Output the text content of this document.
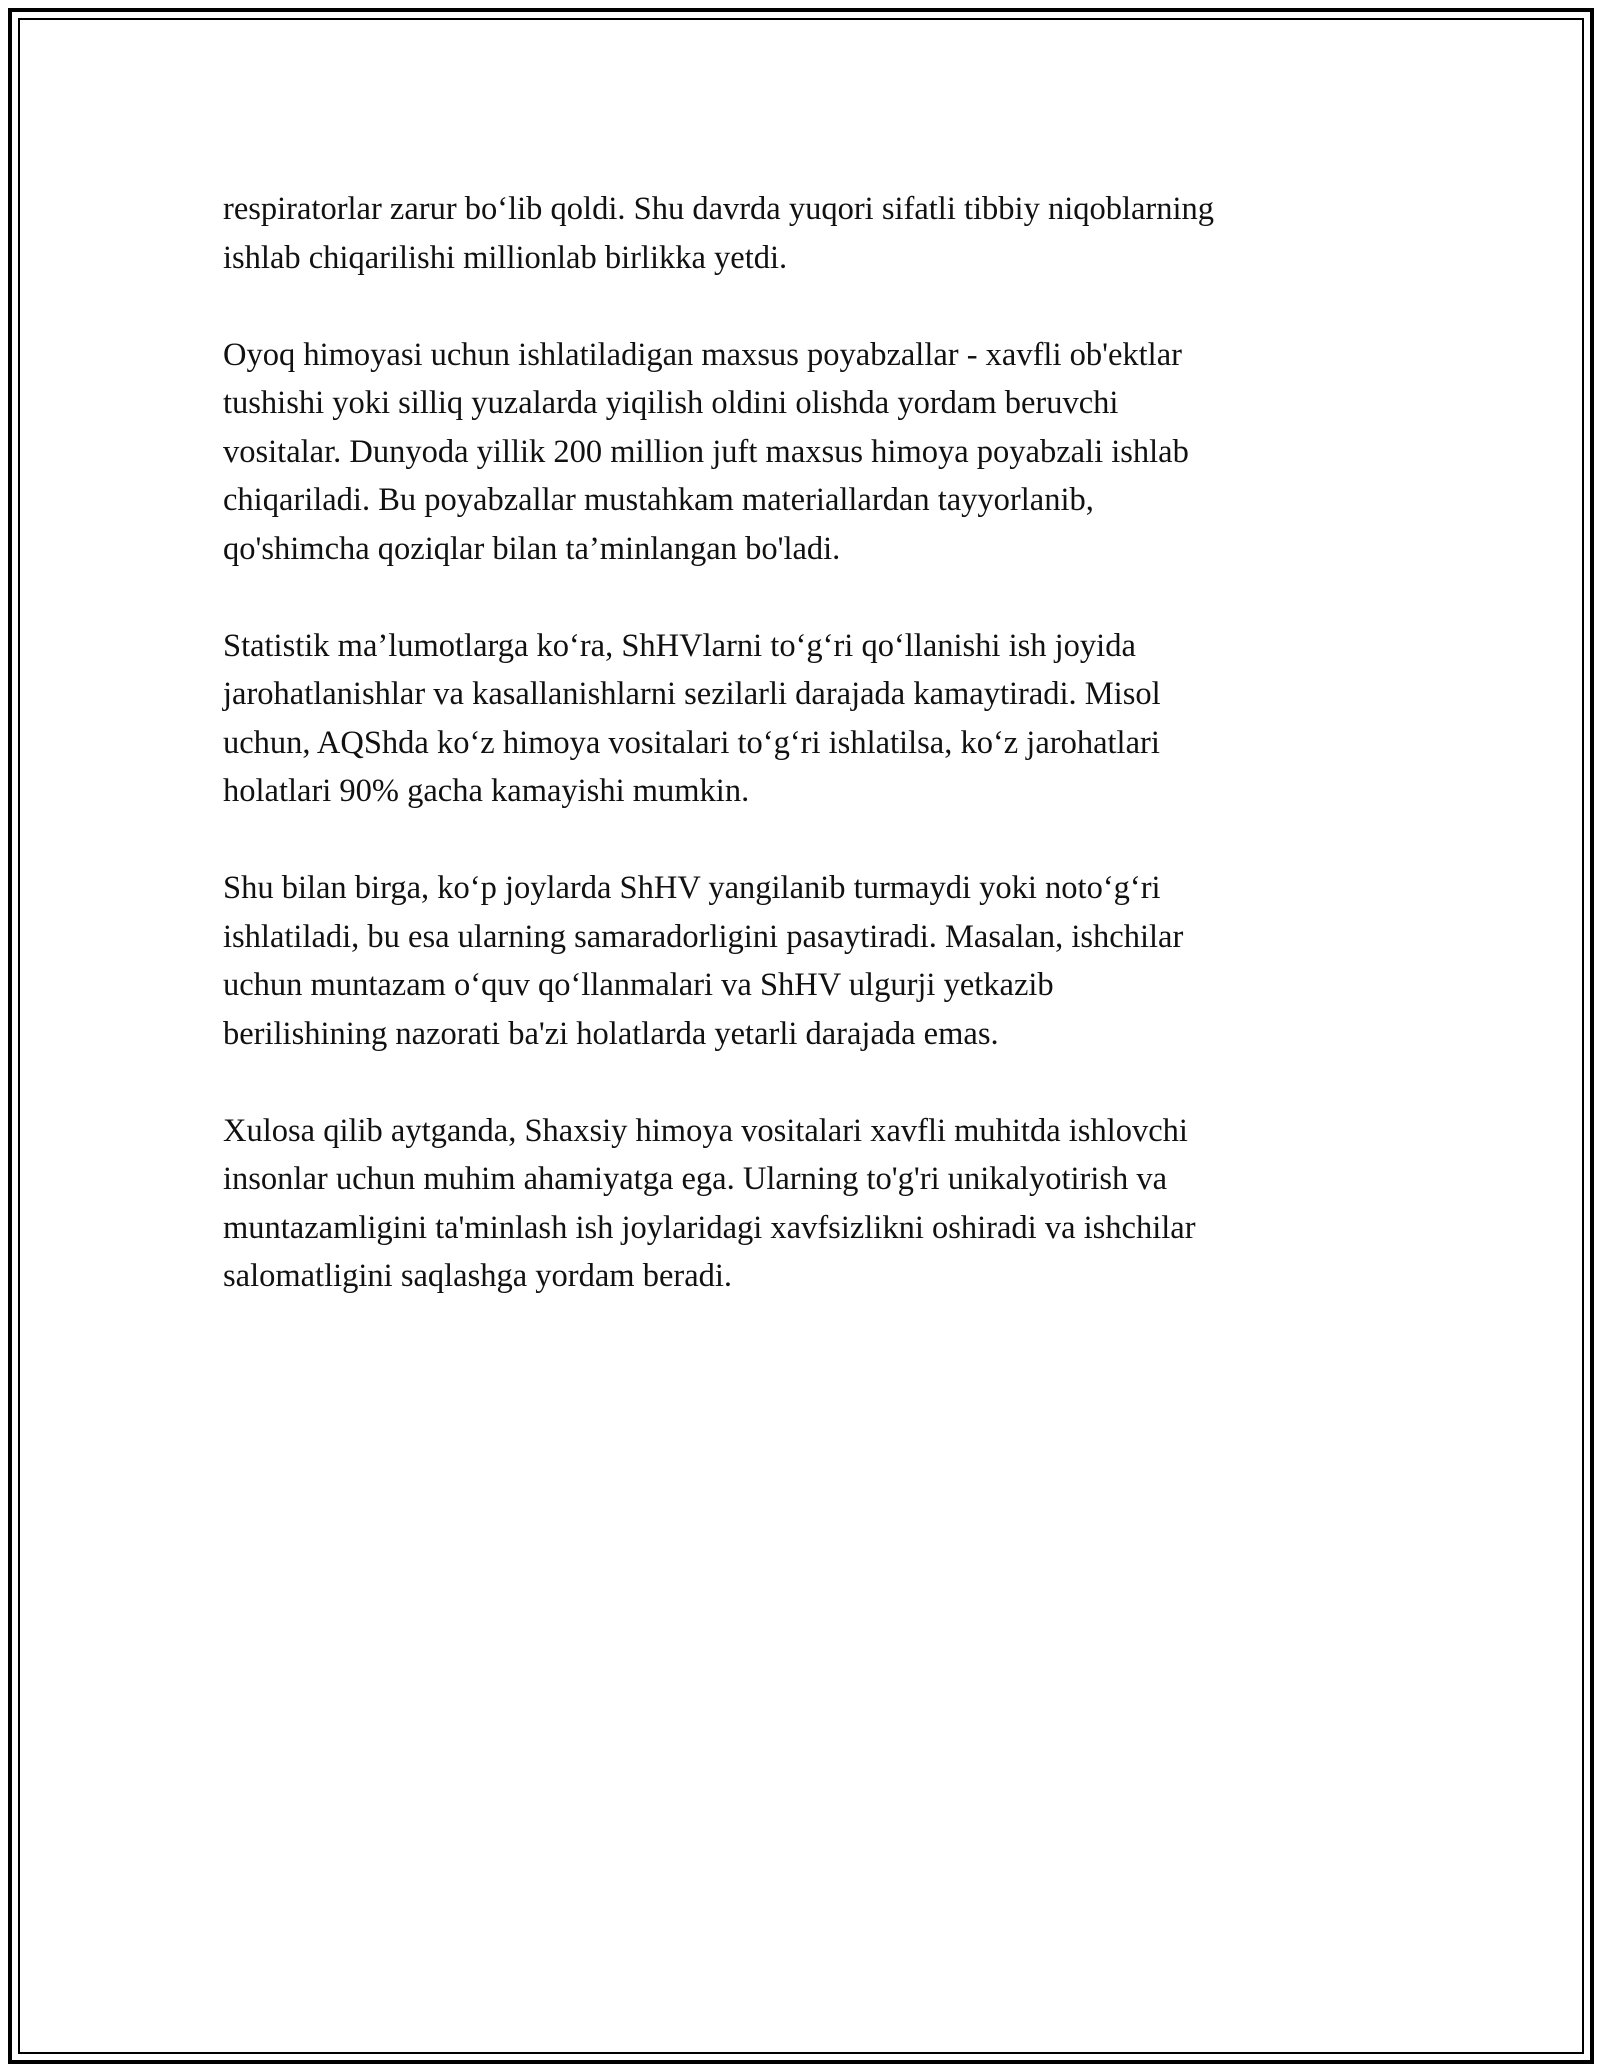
respiratorlar zarur bo‘lib qoldi. Shu davrda yuqori sifatli tibbiy niqoblarning
ishlab chiqarilishi millionlab birlikka yetdi.

Oyoq himoyasi uchun ishlatiladigan maxsus poyabzallar - xavfli ob'ektlar
tushishi yoki silliq yuzalarda yiqilish oldini olishda yordam beruvchi
vositalar. Dunyoda yillik 200 million juft maxsus himoya poyabzali ishlab
chiqariladi. Bu poyabzallar mustahkam materiallardan tayyorlanib,
qo'shimcha qoziqlar bilan ta’minlangan bo'ladi.

Statistik ma’lumotlarga ko‘ra, ShHVlarni to‘g‘ri qo‘llanishi ish joyida
jarohatlanishlar va kasallanishlarni sezilarli darajada kamaytiradi. Misol
uchun, AQShda ko‘z himoya vositalari to‘g‘ri ishlatilsa, ko‘z jarohatlari
holatlari 90% gacha kamayishi mumkin.

Shu bilan birga, ko‘p joylarda ShHV yangilanib turmaydi yoki noto‘g‘ri
ishlatiladi, bu esa ularning samaradorligini pasaytiradi. Masalan, ishchilar
uchun muntazam o‘quv qo‘llanmalari va ShHV ulgurji yetkazib
berilishining nazorati ba'zi holatlarda yetarli darajada emas.

Xulosa qilib aytganda, Shaxsiy himoya vositalari xavfli muhitda ishlovchi
insonlar uchun muhim ahamiyatga ega. Ularning to'g'ri unikalyotirish va
muntazamligini ta'minlash ish joylaridagi xavfsizlikni oshiradi va ishchilar
salomatligini saqlashga yordam beradi.
